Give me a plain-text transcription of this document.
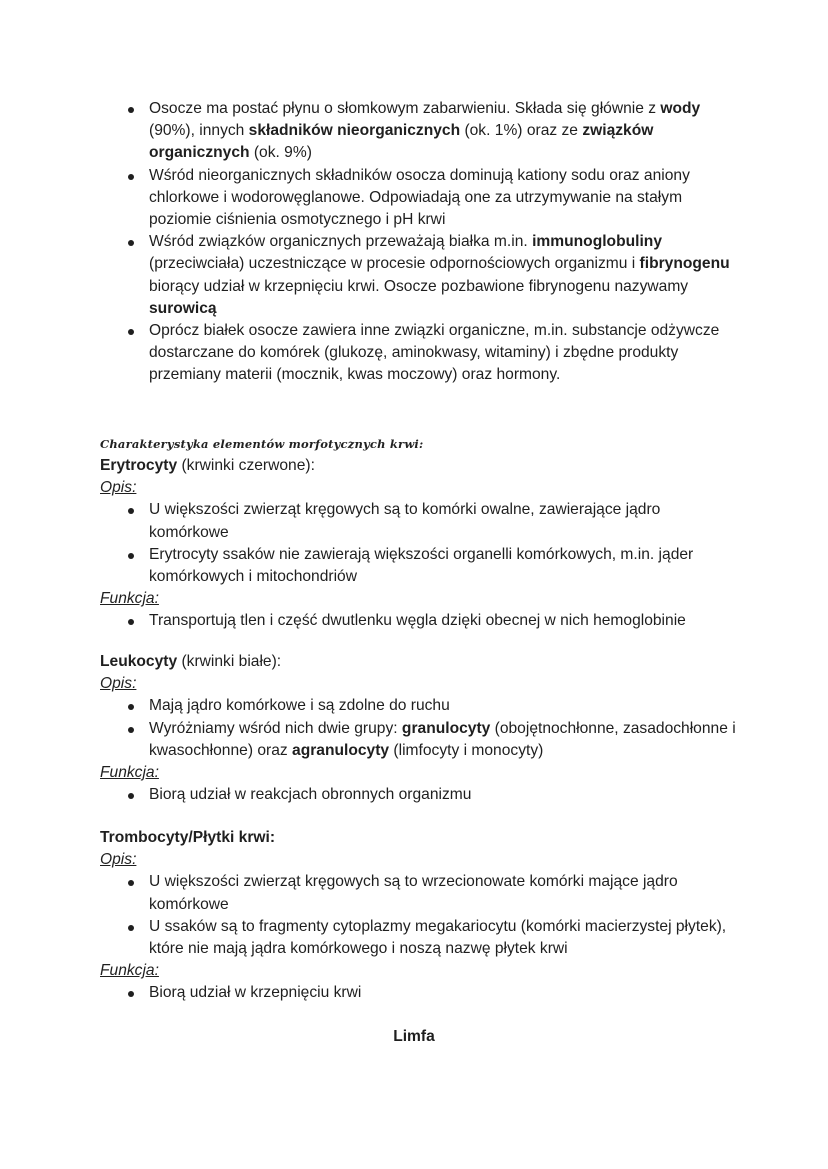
Osocze ma postać płynu o słomkowym zabarwieniu. Składa się głównie z wody (90%), innych składników nieorganicznych (ok. 1%) oraz ze związków organicznych (ok. 9%)
Wśród nieorganicznych składników osocza dominują kationy sodu oraz aniony chlorkowe i wodorowęglanowe. Odpowiadają one za utrzymywanie na stałym poziomie ciśnienia osmotycznego i pH krwi
Wśród związków organicznych przeważają białka m.in. immunoglobuliny (przeciwciała) uczestniczące w procesie odpornościowych organizmu i fibrynogenu biorący udział w krzepnięciu krwi. Osocze pozbawione fibrynogenu nazywamy surowicą
Oprócz białek osocze zawiera inne związki organiczne, m.in. substancje odżywcze dostarczane do komórek (glukozę, aminokwasy, witaminy) i zbędne produkty przemiany materii (mocznik, kwas moczowy) oraz hormony.
Charakterystyka elementów morfotycznych krwi:

Erytrocyty (krwinki czerwone):

Opis:

U większości zwierząt kręgowych są to komórki owalne, zawierające jądro komórkowe
Erytrocyty ssaków nie zawierają większości organelli komórkowych, m.in. jąder komórkowych i mitochondriów

Funkcja:

Transportują tlen i część dwutlenku węgla dzięki obecnej w nich hemoglobinie

Leukocyty (krwinki białe):

Opis:

Mają jądro komórkowe i są zdolne do ruchu
Wyróżniamy wśród nich dwie grupy: granulocyty (obojętnochłonne, zasadochłonne i kwasochłonne) oraz agranulocyty (limfocyty i monocyty)

Funkcja:

Biorą udział w reakcjach obronnych organizmu

Trombocyty/Płytki krwi:

Opis:

U większości zwierząt kręgowych są to wrzecionowate komórki mające jądro komórkowe
U ssaków są to fragmenty cytoplazmy megakariocytu (komórki macierzystej płytek), które nie mają jądra komórkowego i noszą nazwę płytek krwi

Funkcja:

Biorą udział w krzepnięciu krwi
Limfa
